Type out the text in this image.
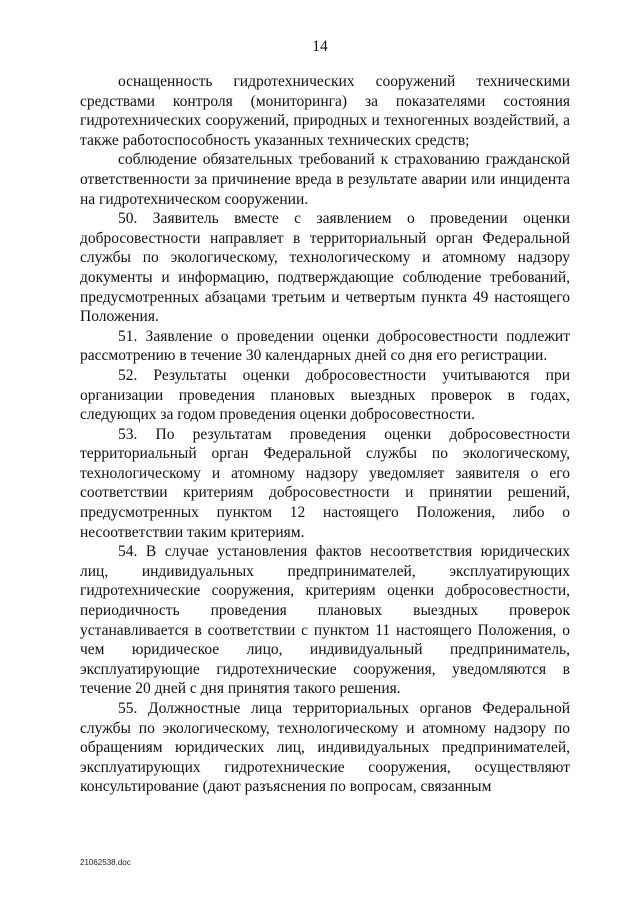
14

оснащенность гидротехнических сооружений техническими средствами контроля (мониторинга) за показателями состояния гидротехнических сооружений, природных и техногенных воздействий, а также работоспособность указанных технических средств;

соблюдение обязательных требований к страхованию гражданской ответственности за причинение вреда в результате аварии или инцидента на гидротехническом сооружении.

50. Заявитель вместе с заявлением о проведении оценки добросовестности направляет в территориальный орган Федеральной службы по экологическому, технологическому и атомному надзору документы и информацию, подтверждающие соблюдение требований, предусмотренных абзацами третьим и четвертым пункта 49 настоящего Положения.

51. Заявление о проведении оценки добросовестности подлежит рассмотрению в течение 30 календарных дней со дня его регистрации.

52. Результаты оценки добросовестности учитываются при организации проведения плановых выездных проверок в годах, следующих за годом проведения оценки добросовестности.

53. По результатам проведения оценки добросовестности территориальный орган Федеральной службы по экологическому, технологическому и атомному надзору уведомляет заявителя о его соответствии критериям добросовестности и принятии решений, предусмотренных пунктом 12 настоящего Положения, либо о несоответствии таким критериям.

54. В случае установления фактов несоответствия юридических лиц, индивидуальных предпринимателей, эксплуатирующих гидротехнические сооружения, критериям оценки добросовестности, периодичность проведения плановых выездных проверок устанавливается в соответствии с пунктом 11 настоящего Положения, о чем юридическое лицо, индивидуальный предприниматель, эксплуатирующие гидротехнические сооружения, уведомляются в течение 20 дней с дня принятия такого решения.

55. Должностные лица территориальных органов Федеральной службы по экологическому, технологическому и атомному надзору по обращениям юридических лиц, индивидуальных предпринимателей, эксплуатирующих гидротехнические сооружения, осуществляют консультирование (дают разъяснения по вопросам, связанным

21062538.doc
